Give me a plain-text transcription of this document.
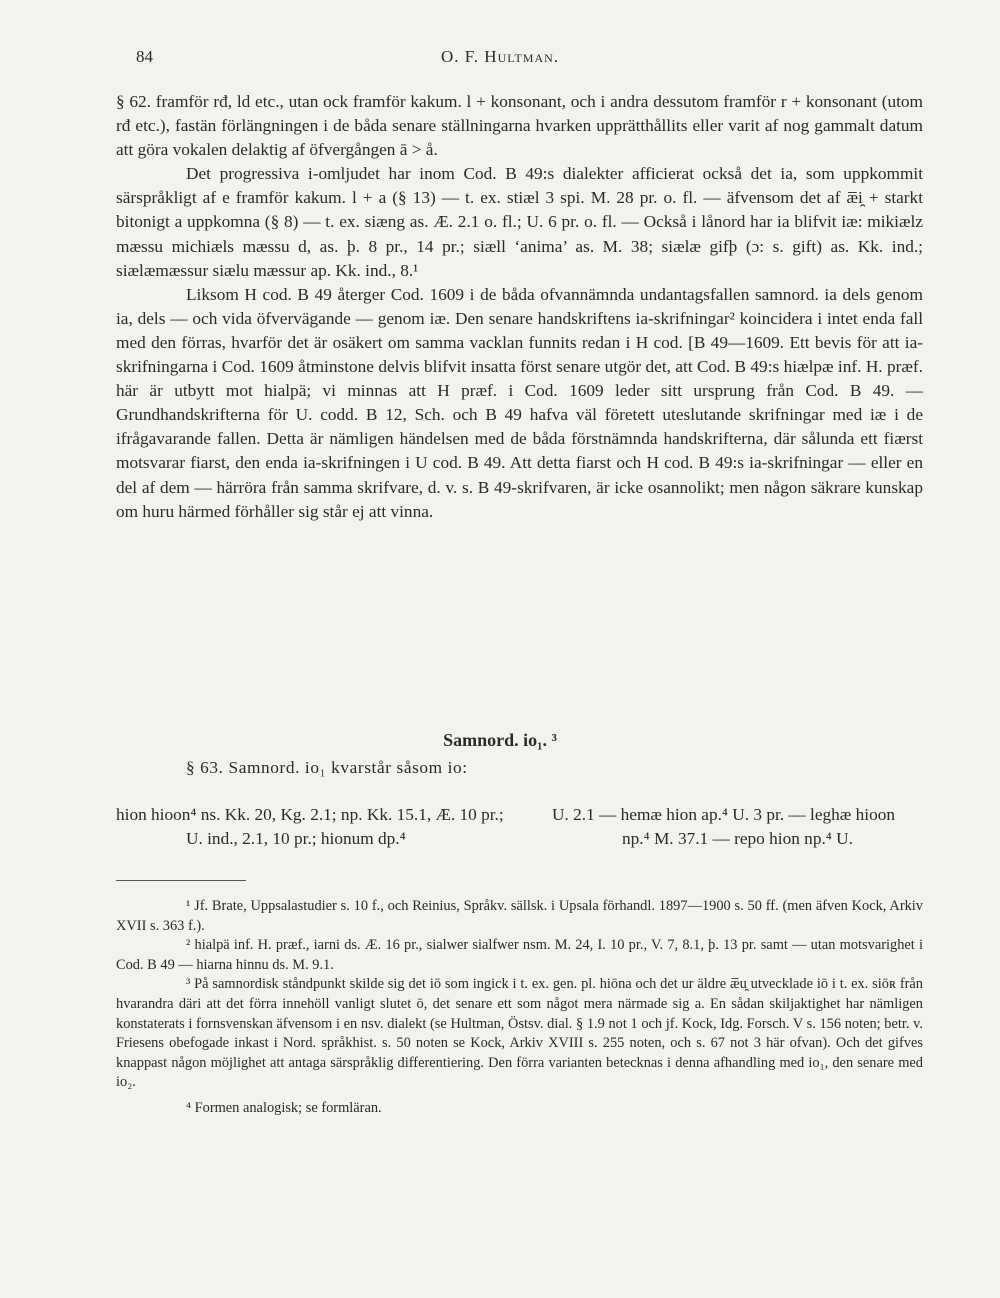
84	O. F. Hultman.

§ 62. framför rđ, ld etc., utan ock framför kakum. l + konsonant, och i andra dessutom framför r + konsonant (utom rđ etc.), fastän förlängningen i de båda senare ställningarna hvarken upprätthållits eller varit af nog gammalt datum att göra vokalen delaktig af öfvergången ā > å.

Det progressiva i-omljudet har inom Cod. B 49:s dialekter afficierat också det ia, som uppkommit särspråkligt af e framför kakum. l + a (§ 13) — t. ex. stiæl 3 spi. M. 28 pr. o. fl. — äfvensom det af æ̅i̯ + starkt bitonigt a uppkomna (§ 8) — t. ex. siæng as. Æ. 2.1 o. fl.; U. 6 pr. o. fl. — Också i lånord har ia blifvit iæ: mikiælz mæssu michiæls mæssu d, as. þ. 8 pr., 14 pr.; siæll ‘anima’ as. M. 38; siælæ gifþ (ɔ: s. gift) as. Kk. ind.; siælæmæssur siælu mæssur ap. Kk. ind., 8.¹

Liksom H cod. B 49 återger Cod. 1609 i de båda ofvannämnda undantagsfallen samnord. ia dels genom ia, dels — och vida öfvervägande — genom iæ. Den senare handskriftens ia-skrifningar² koincidera i intet enda fall med den förras, hvarför det är osäkert om samma vacklan funnits redan i H cod. [B 49—1609. Ett bevis för att ia-skrifningarna i Cod. 1609 åtminstone delvis blifvit insatta först senare utgör det, att Cod. B 49:s hiælpæ inf. H. præf. här är utbytt mot hialpä; vi minnas att H præf. i Cod. 1609 leder sitt ursprung från Cod. B 49. — Grundhandskrifterna för U. codd. B 12, Sch. och B 49 hafva väl företett uteslutande skrifningar med iæ i de ifrågavarande fallen. Detta är nämligen händelsen med de båda förstnämnda handskrifterna, där sålunda ett fiærst motsvarar fiarst, den enda ia-skrifningen i U cod. B 49. Att detta fiarst och H cod. B 49:s ia-skrifningar — eller en del af dem — härröra från samma skrifvare, d. v. s. B 49-skrifvaren, är icke osannolikt; men någon säkrare kunskap om huru härmed förhåller sig står ej att vinna.

Samnord. io₁. ³
§ 63. Samnord. io₁ kvarstår såsom io:

hion hioon⁴ ns. Kk. 20, Kg. 2.1; np. Kk. 15.1, Æ. 10 pr.; U. ind., 2.1, 10 pr.; hionum dp.⁴

U. 2.1 — hemæ hion ap.⁴ U. 3 pr. — leghæ hioon np.⁴ M. 37.1 — repo hion np.⁴ U.

¹ Jf. Brate, Uppsalastudier s. 10 f., och Reinius, Språkv. sällsk. i Upsala förhandl. 1897—1900 s. 50 ff. (men äfven Kock, Arkiv XVII s. 363 f.).

² hialpä inf. H. præf., iarni ds. Æ. 16 pr., sialwer sialfwer nsm. M. 24, I. 10 pr., V. 7, 8.1, þ. 13 pr. samt — utan motsvarighet i Cod. B 49 — hiarna hinnu ds. M. 9.1.

³ På samnordisk ståndpunkt skilde sig det iō som ingick i t. ex. gen. pl. hiōna och det ur äldre æ̅u̯ utvecklade iō i t. ex. siōʀ från hvarandra däri att det förra innehöll vanligt slutet ō, det senare ett som något mera närmade sig a. En sådan skiljaktighet har nämligen konstaterats i fornsvenskan äfvensom i en nsv. dialekt (se Hultman, Östsv. dial. § 1.9 not 1 och jf. Kock, Idg. Forsch. V s. 156 noten; betr. v. Friesens obefogade inkast i Nord. språkhist. s. 50 noten se Kock, Arkiv XVIII s. 255 noten, och s. 67 not 3 här ofvan). Och det gifves knappast någon möjlighet att antaga särspråklig differentiering. Den förra varianten betecknas i denna afhandling med io₁, den senare med io₂.

⁴ Formen analogisk; se formläran.
